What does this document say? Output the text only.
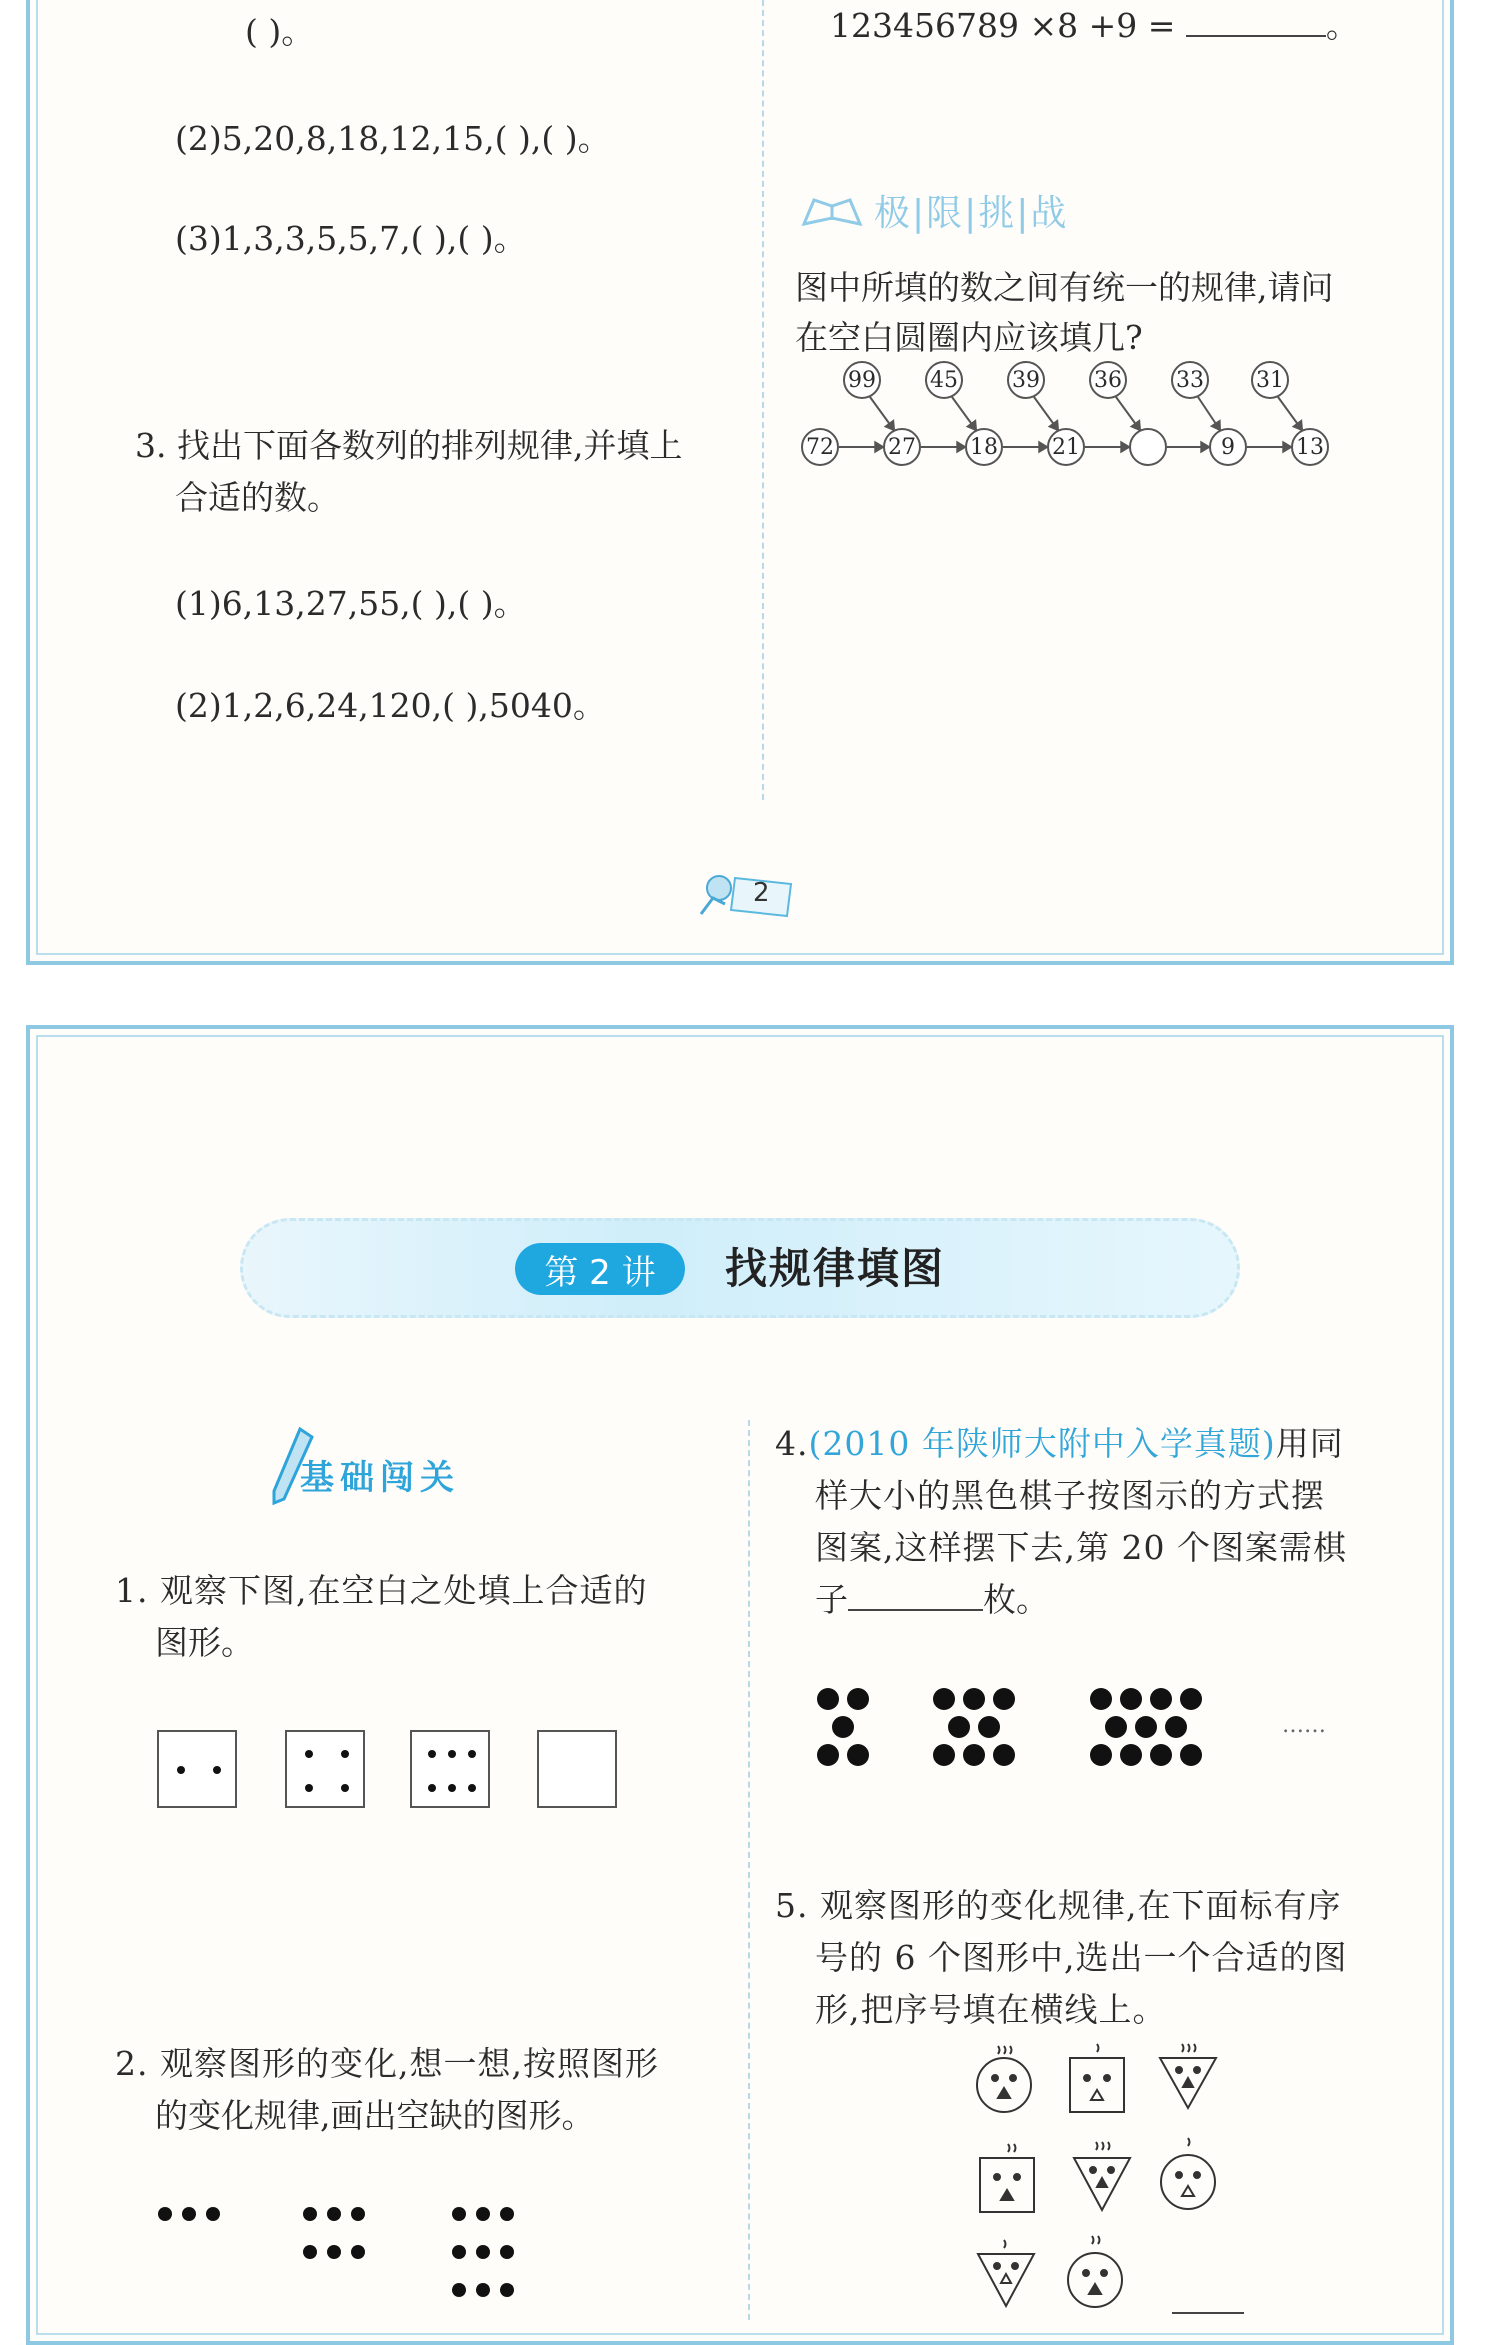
( )。
(2)5,20,8,18,12,15,( ),( )。
(3)1,3,3,5,5,7,( ),( )。
3. 找出下面各数列的排列规律,并填上
合适的数。
(1)6,13,27,55,( ),( )。
(2)1,2,6,24,120,( ),5040。
123456789 ×8 +9 =	。
极|限|挑|战
图中所填的数之间有统一的规律,请问
在空白圆圈内应该填几?
99 45 39 36 33 31
72 27 18 21	9	13
2
第 2 讲	找规律填图
基础闯关
1. 观察下图,在空白之处填上合适的
图形。
2. 观察图形的变化,想一想,按照图形
的变化规律,画出空缺的图形。
4.(2010 年陕师大附中入学真题)用同
样大小的黑色棋子按图示的方式摆
图案,这样摆下去,第 20 个图案需棋
子	枚。
……
5. 观察图形的变化规律,在下面标有序
号的 6 个图形中,选出一个合适的图
形,把序号填在横线上。
